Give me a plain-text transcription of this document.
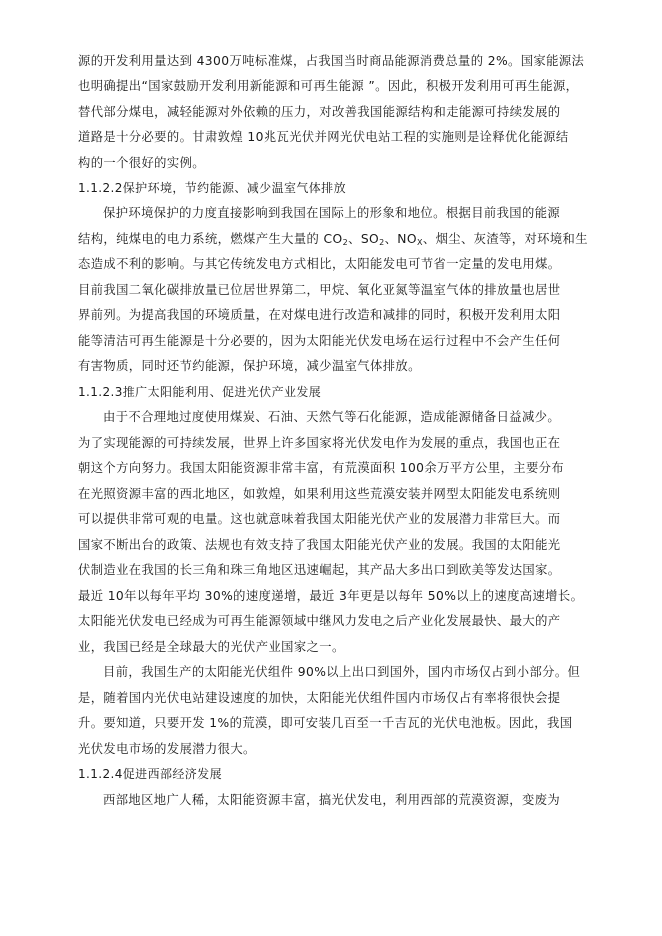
源的开发利用量达到 4300万吨标准煤，占我国当时商品能源消费总量的 2%。国家能源法
也明确提出“国家鼓励开发利用新能源和可再生能源 ”。因此，积极开发利用可再生能源，
替代部分煤电，减轻能源对外依赖的压力，对改善我国能源结构和走能源可持续发展的
道路是十分必要的。甘肃敦煌 10兆瓦光伏并网光伏电站工程的实施则是诠释优化能源结
构的一个很好的实例。
1.1.2.2保护环境，节约能源、减少温室气体排放
保护环境保护的力度直接影响到我国在国际上的形象和地位。根据目前我国的能源
结构，纯煤电的电力系统，燃煤产生大量的 $CO_2$、$SO_2$、$NO_X$、烟尘、灰渣等，对环境和生
态造成不利的影响。与其它传统发电方式相比，太阳能发电可节省一定量的发电用煤。
目前我国二氧化碳排放量已位居世界第二，甲烷、氧化亚氮等温室气体的排放量也居世
界前列。为提高我国的环境质量，在对煤电进行改造和减排的同时，积极开发利用太阳
能等清洁可再生能源是十分必要的，因为太阳能光伏发电场在运行过程中不会产生任何
有害物质，同时还节约能源，保护环境，减少温室气体排放。
1.1.2.3推广太阳能利用、促进光伏产业发展
由于不合理地过度使用煤炭、石油、天然气等石化能源，造成能源储备日益减少。
为了实现能源的可持续发展，世界上许多国家将光伏发电作为发展的重点，我国也正在
朝这个方向努力。我国太阳能资源非常丰富，有荒漠面积 100余万平方公里，主要分布
在光照资源丰富的西北地区，如敦煌，如果利用这些荒漠安装并网型太阳能发电系统则
可以提供非常可观的电量。这也就意味着我国太阳能光伏产业的发展潜力非常巨大。而
国家不断出台的政策、法规也有效支持了我国太阳能光伏产业的发展。我国的太阳能光
伏制造业在我国的长三角和珠三角地区迅速崛起，其产品大多出口到欧美等发达国家。
最近 10年以每年平均 30%的速度递增，最近 3年更是以每年 50%以上的速度高速增长。
太阳能光伏发电已经成为可再生能源领域中继风力发电之后产业化发展最快、最大的产
业，我国已经是全球最大的光伏产业国家之一。
目前，我国生产的太阳能光伏组件 90%以上出口到国外，国内市场仅占到小部分。但
是，随着国内光伏电站建设速度的加快，太阳能光伏组件国内市场仅占有率将很快会提
升。要知道，只要开发 1%的荒漠，即可安装几百至一千吉瓦的光伏电池板。因此，我国
光伏发电市场的发展潜力很大。
1.1.2.4促进西部经济发展
西部地区地广人稀，太阳能资源丰富，搞光伏发电，利用西部的荒漠资源，变废为
